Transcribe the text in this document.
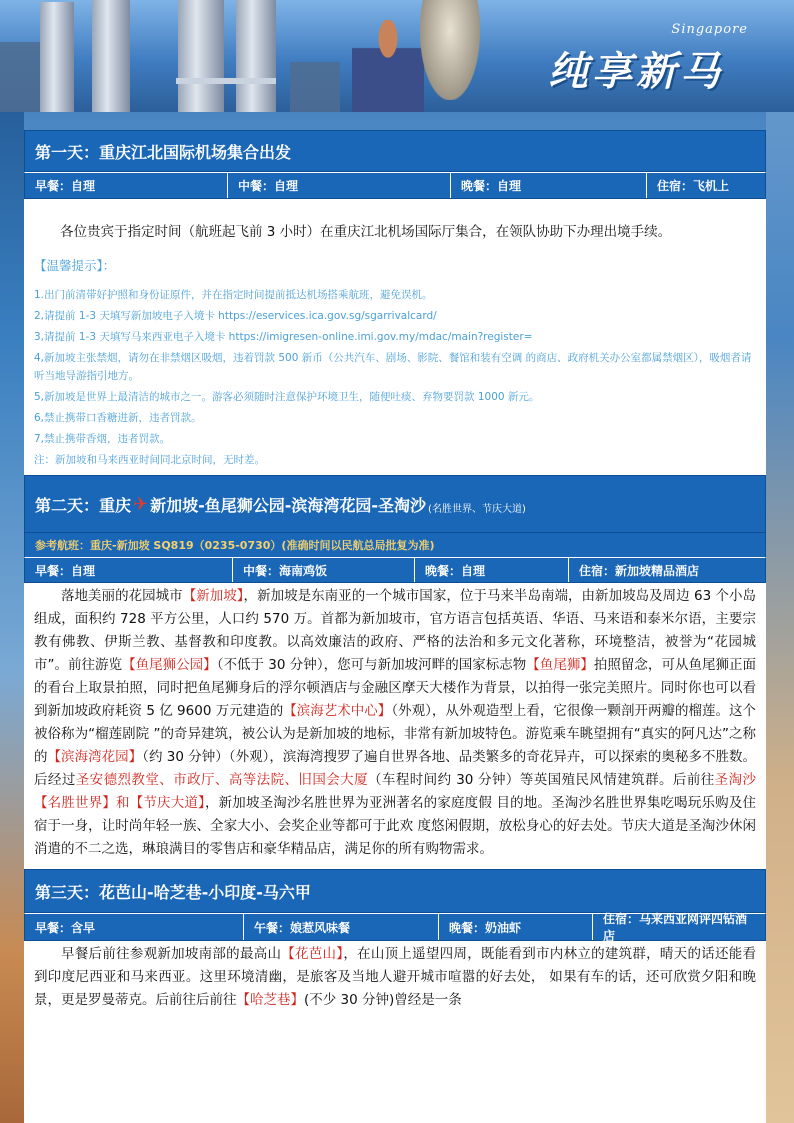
Singapore
纯享新马
第一天：重庆江北国际机场集合出发
早餐：自理	中餐：自理	晚餐：自理	住宿：飞机上
各位贵宾于指定时间（航班起飞前 3 小时）在重庆江北机场国际厅集合，在领队协助下办理出境手续。
【温馨提示】：
1.出门前清带好护照和身份证原件，并在指定时间提前抵达机场搭乘航班，避免误机。
2,请提前 1-3 天填写新加坡电子入境卡 https://eservices.ica.gov.sg/sgarrivalcard/
3,请提前 1-3 天填写马来西亚电子入境卡 https://imigresen-online.imi.gov.my/mdac/main?register=
4,新加坡主张禁烟，请勿在非禁烟区吸烟，违着罚款 500 新币（公共汽车、剧场、影院、餐馆和装有空调 的商店、政府机关办公室都属禁烟区），吸烟者请听当地导游指引地方。
5,新加坡是世界上最清洁的城市之一。游客必须随时注意保护环境卫生，随便吐痰、弃物要罚款 1000 新元。
6,禁止携带口香糖进新，违者罚款。
7,禁止携带香烟，违者罚款。
注：新加坡和马来西亚时间同北京时间，无时差。
第二天：重庆 ✈ 新加坡-鱼尾狮公园-滨海湾花园-圣淘沙 (名胜世界、节庆大道)
参考航班：重庆-新加坡 SQ819（0235-0730）(准确时间以民航总局批复为准)
早餐：自理	中餐：海南鸡饭	晚餐：自理	住宿：新加坡精品酒店
落地美丽的花园城市【新加坡】，新加坡是东南亚的一个城市国家，位于马来半岛南端，由新加坡岛及周边 63 个小岛组成，面积约 728 平方公里，人口约 570 万。首都为新加坡市，官方语言包括英语、华语、马来语和泰米尔语，主要宗教有佛教、伊斯兰教、基督教和印度教。以高效廉洁的政府、严格的法治和多元文化著称，环境整洁，被誉为“花园城市”。前往游览【鱼尾狮公园】（不低于 30 分钟），您可与新加坡河畔的国家标志物【鱼尾狮】拍照留念，可从鱼尾狮正面的看台上取景拍照，同时把鱼尾狮身后的浮尔顿酒店与金融区摩天大楼作为背景，以拍得一张完美照片。同时你也可以看到新加坡政府耗资 5 亿 9600 万元建造的【滨海艺术中心】（外观），从外观造型上看，它很像一颗剖开两瓣的榴莲。这个被俗称为“榴莲剧院 ”的奇异建筑，被公认为是新加坡的地标，非常有新加坡特色。游览乘车眺望拥有“真实的阿凡达”之称的【滨海湾花园】（约 30 分钟）（外观），滨海湾搜罗了遍自世界各地、品类繁多的奇花异卉，可以探索的奥秘多不胜数。后经过圣安德烈教堂、市政厅、高等法院、旧国会大厦（车程时间约 30 分钟）等英国殖民风情建筑群。后前往圣淘沙【名胜世界】和【节庆大道】，新加坡圣淘沙名胜世界为亚洲著名的家庭度假 目的地。圣淘沙名胜世界集吃喝玩乐购及住宿于一身，让时尚年轻一族、全家大小、会奖企业等都可于此欢 度悠闲假期，放松身心的好去处。节庆大道是圣淘沙休闲消遣的不二之选，琳琅满目的零售店和豪华精品店，满足你的所有购物需求。
第三天：花芭山-哈芝巷-小印度-马六甲
早餐：含早	午餐：娘惹风味餐	晚餐：奶油虾
住宿：马来西亚网评四钻酒店
早餐后前往参观新加坡南部的最高山【花芭山】，在山顶上遥望四周，既能看到市内林立的建筑群，晴天的话还能看到印度尼西亚和马来西亚。这里环境清幽，是旅客及当地人避开城市喧嚣的好去处， 如果有车的话，还可欣赏夕阳和晚景，更是罗曼蒂克。后前往后前往【哈芝巷】(不少 30 分钟)曾经是一条
